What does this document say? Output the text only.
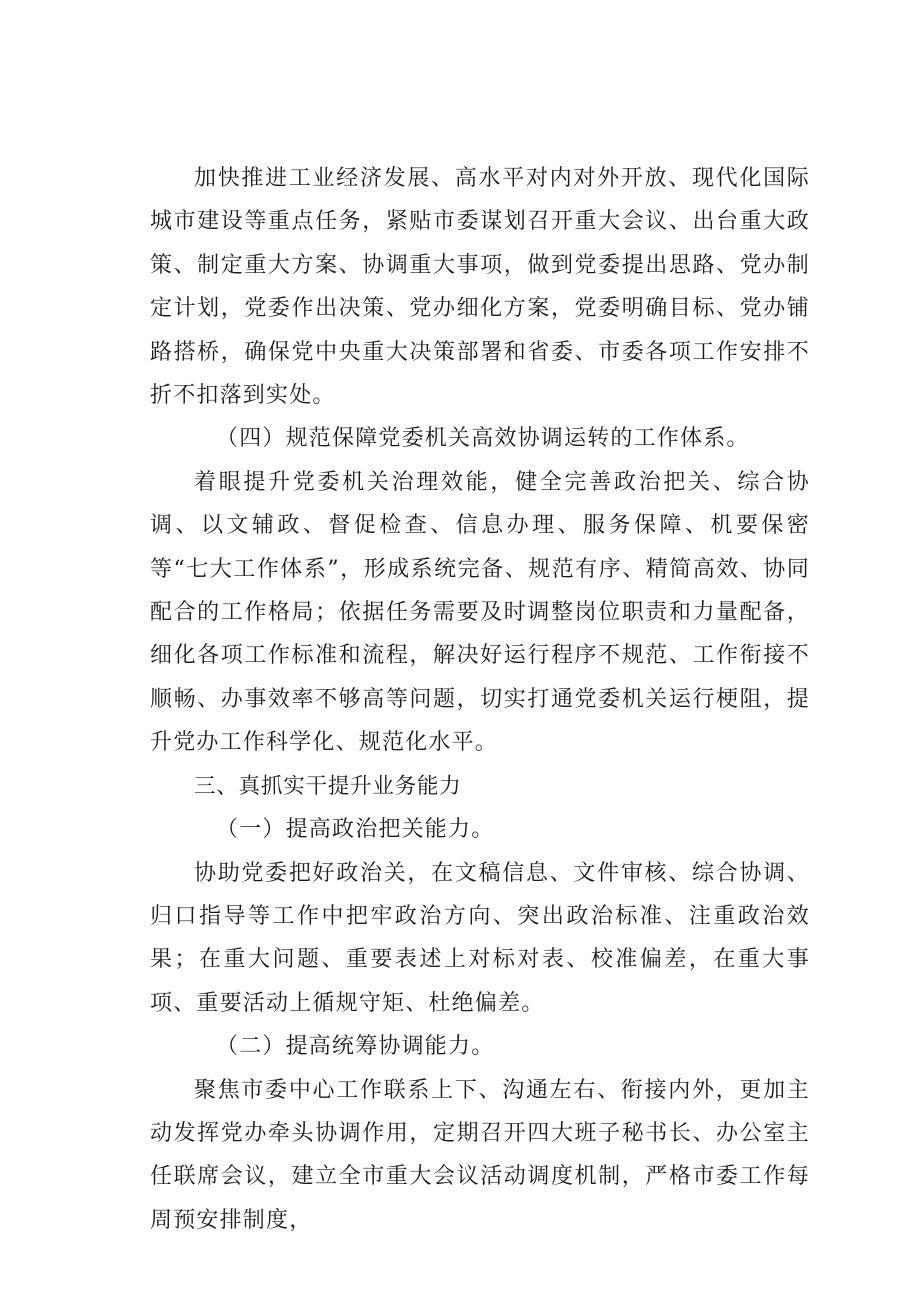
加快推进工业经济发展、高水平对内对外开放、现代化国际城市建设等重点任务，紧贴市委谋划召开重大会议、出台重大政策、制定重大方案、协调重大事项，做到党委提出思路、党办制定计划，党委作出决策、党办细化方案，党委明确目标、党办铺路搭桥，确保党中央重大决策部署和省委、市委各项工作安排不折不扣落到实处。

（四）规范保障党委机关高效协调运转的工作体系。

着眼提升党委机关治理效能，健全完善政治把关、综合协调、以文辅政、督促检查、信息办理、服务保障、机要保密等“七大工作体系”，形成系统完备、规范有序、精简高效、协同配合的工作格局；依据任务需要及时调整岗位职责和力量配备，细化各项工作标准和流程，解决好运行程序不规范、工作衔接不顺畅、办事效率不够高等问题，切实打通党委机关运行梗阻，提升党办工作科学化、规范化水平。

三、真抓实干提升业务能力

（一）提高政治把关能力。

协助党委把好政治关，在文稿信息、文件审核、综合协调、归口指导等工作中把牢政治方向、突出政治标准、注重政治效果；在重大问题、重要表述上对标对表、校准偏差，在重大事项、重要活动上循规守矩、杜绝偏差。

（二）提高统筹协调能力。

聚焦市委中心工作联系上下、沟通左右、衔接内外，更加主动发挥党办牵头协调作用，定期召开四大班子秘书长、办公室主任联席会议，建立全市重大会议活动调度机制，严格市委工作每周预安排制度，
